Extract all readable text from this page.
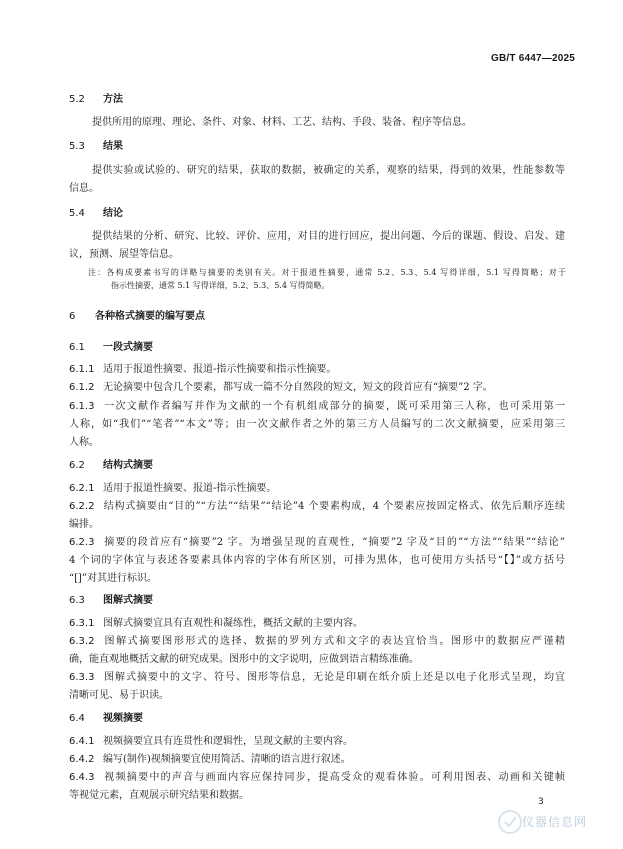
GB/T 6447—2025
5.2 方法
提供所用的原理、理论、条件、对象、材料、工艺、结构、手段、装备、程序等信息。
5.3 结果
提供实验或试验的、研究的结果，获取的数据，被确定的关系，观察的结果，得到的效果，性能参数等
信息。
5.4 结论
提供结果的分析、研究、比较、评价、应用，对目的进行回应，提出问题、今后的课题、假设、启发、建
议，预测、展望等信息。
注：各构成要素书写的详略与摘要的类别有关。对于报道性摘要，通常 5.2、5.3、5.4 写得详细，5.1 写得简略；对于
指示性摘要，通常 5.1 写得详细，5.2、5.3、5.4 写得简略。
6 各种格式摘要的编写要点
6.1 一段式摘要
6.1.1 适用于报道性摘要、报道-指示性摘要和指示性摘要。
6.1.2 无论摘要中包含几个要素，都写成一篇不分自然段的短文，短文的段首应有“摘要”2 字。
6.1.3 一次文献作者编写并作为文献的一个有机组成部分的摘要，既可采用第三人称，也可采用第一
人称，如“我们”“笔者”“本文”等；由一次文献作者之外的第三方人员编写的二次文献摘要，应采用第三
人称。
6.2 结构式摘要
6.2.1 适用于报道性摘要、报道-指示性摘要。
6.2.2 结构式摘要由“目的”“方法”“结果”“结论”4 个要素构成，4 个要素应按固定格式、依先后顺序连续
编排。
6.2.3 摘要的段首应有“摘要”2 字。为增强呈现的直观性，“摘要”2 字及“目的”“方法”“结果”“结论”
4 个词的字体宜与表述各要素具体内容的字体有所区别，可排为黑体，也可使用方头括号“【】”或方括号
“[]”对其进行标识。
6.3 图解式摘要
6.3.1 图解式摘要宜具有直观性和凝练性，概括文献的主要内容。
6.3.2 图解式摘要图形形式的选择、数据的罗列方式和文字的表达宜恰当。图形中的数据应严谨精
确，能直观地概括文献的研究成果。图形中的文字说明，应做到语言精练准确。
6.3.3 图解式摘要中的文字、符号、图形等信息，无论是印刷在纸介质上还是以电子化形式呈现，均宜
清晰可见、易于识读。
6.4 视频摘要
6.4.1 视频摘要宜具有连贯性和逻辑性，呈现文献的主要内容。
6.4.2 编写(制作)视频摘要宜使用简活、清晰的语言进行叙述。
6.4.3 视频摘要中的声音与画面内容应保持同步，提高受众的观看体验。可利用图表、动画和关键帧
等视觉元素，直观展示研究结果和数据。
3
仪器信息网
